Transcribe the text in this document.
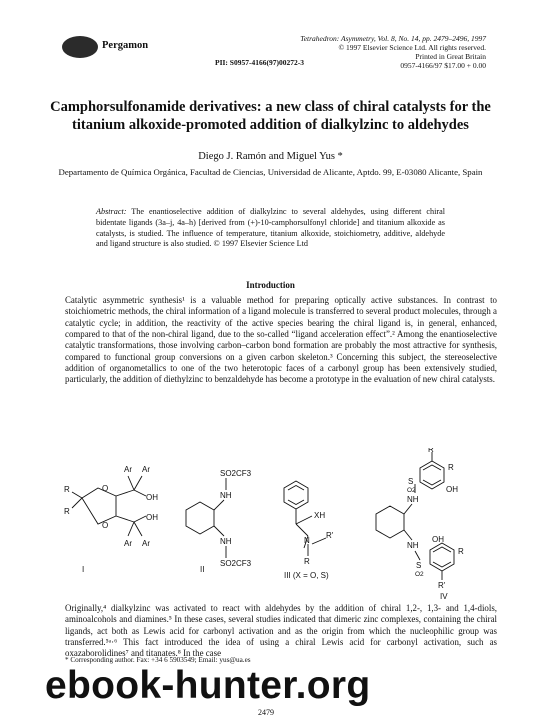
Pergamon
Tetrahedron: Asymmetry, Vol. 8, No. 14, pp. 2479–2496, 1997
© 1997 Elsevier Science Ltd. All rights reserved.
Printed in Great Britain
0957-4166/97 $17.00 + 0.00
PII: S0957-4166(97)00272-3
Camphorsulfonamide derivatives: a new class of chiral catalysts for the titanium alkoxide-promoted addition of dialkylzinc to aldehydes
Diego J. Ramón and Miguel Yus *
Departamento de Química Orgánica, Facultad de Ciencias, Universidad de Alicante, Aptdo. 99, E-03080 Alicante, Spain
Abstract: The enantioselective addition of dialkylzinc to several aldehydes, using different chiral bidentate ligands (3a–j, 4a–h) [derived from (+)-10-camphorsulfonyl chloride] and titanium alkoxide as catalysts, is studied. The influence of temperature, titanium alkoxide, stoichiometry, additive, aldehyde and ligand structure is also studied. © 1997 Elsevier Science Ltd
Introduction
Catalytic asymmetric synthesis¹ is a valuable method for preparing optically active substances. In contrast to stoichiometric methods, the chiral information of a ligand molecule is transferred to several product molecules, through a catalytic cycle; in addition, the reactivity of the active species bearing the chiral ligand is, in general, enhanced, compared to that of the non-chiral ligand, due to the so-called “ligand acceleration effect”.² Among the enantioselective catalytic transformations, those involving carbon–carbon bond formation are probably the most attractive for synthesis, compared to functional group conversions on a given carbon skeleton.³ Concerning this subject, the stereoselective addition of organometallics to one of the two heterotopic faces of a carbonyl group has been extensively studied, particularly, the addition of diethylzinc to benzaldehyde has become a prototype in the evaluation of new chiral catalysts.
Ar Ar
OH
OH
Ar Ar
R
R
O
O
I
SO2CF3
NH
NH
SO2CF3
II
XH
N
R'
R
III (X = O, S)
R'
S
O2	OH
R
NH
NH
S
O2
OH
R
R'
IV
Originally,⁴ dialkylzinc was activated to react with aldehydes by the addition of chiral 1,2-, 1,3- and 1,4-diols, aminoalcohols and diamines.⁵ In these cases, several studies indicated that dimeric zinc complexes, containing the chiral ligands, act both as Lewis acid for carbonyl activation and as the origin from which the nucleophilic group was transferred.⁵ᵃ·⁶ This fact introduced the idea of using a chiral Lewis acid for carbonyl activation, such as oxazaborolidines⁷ and titanates.⁸ In the case
* Corresponding author. Fax: +34 6 5903549; Email: yus@ua.es
2479
ebook-hunter.org
